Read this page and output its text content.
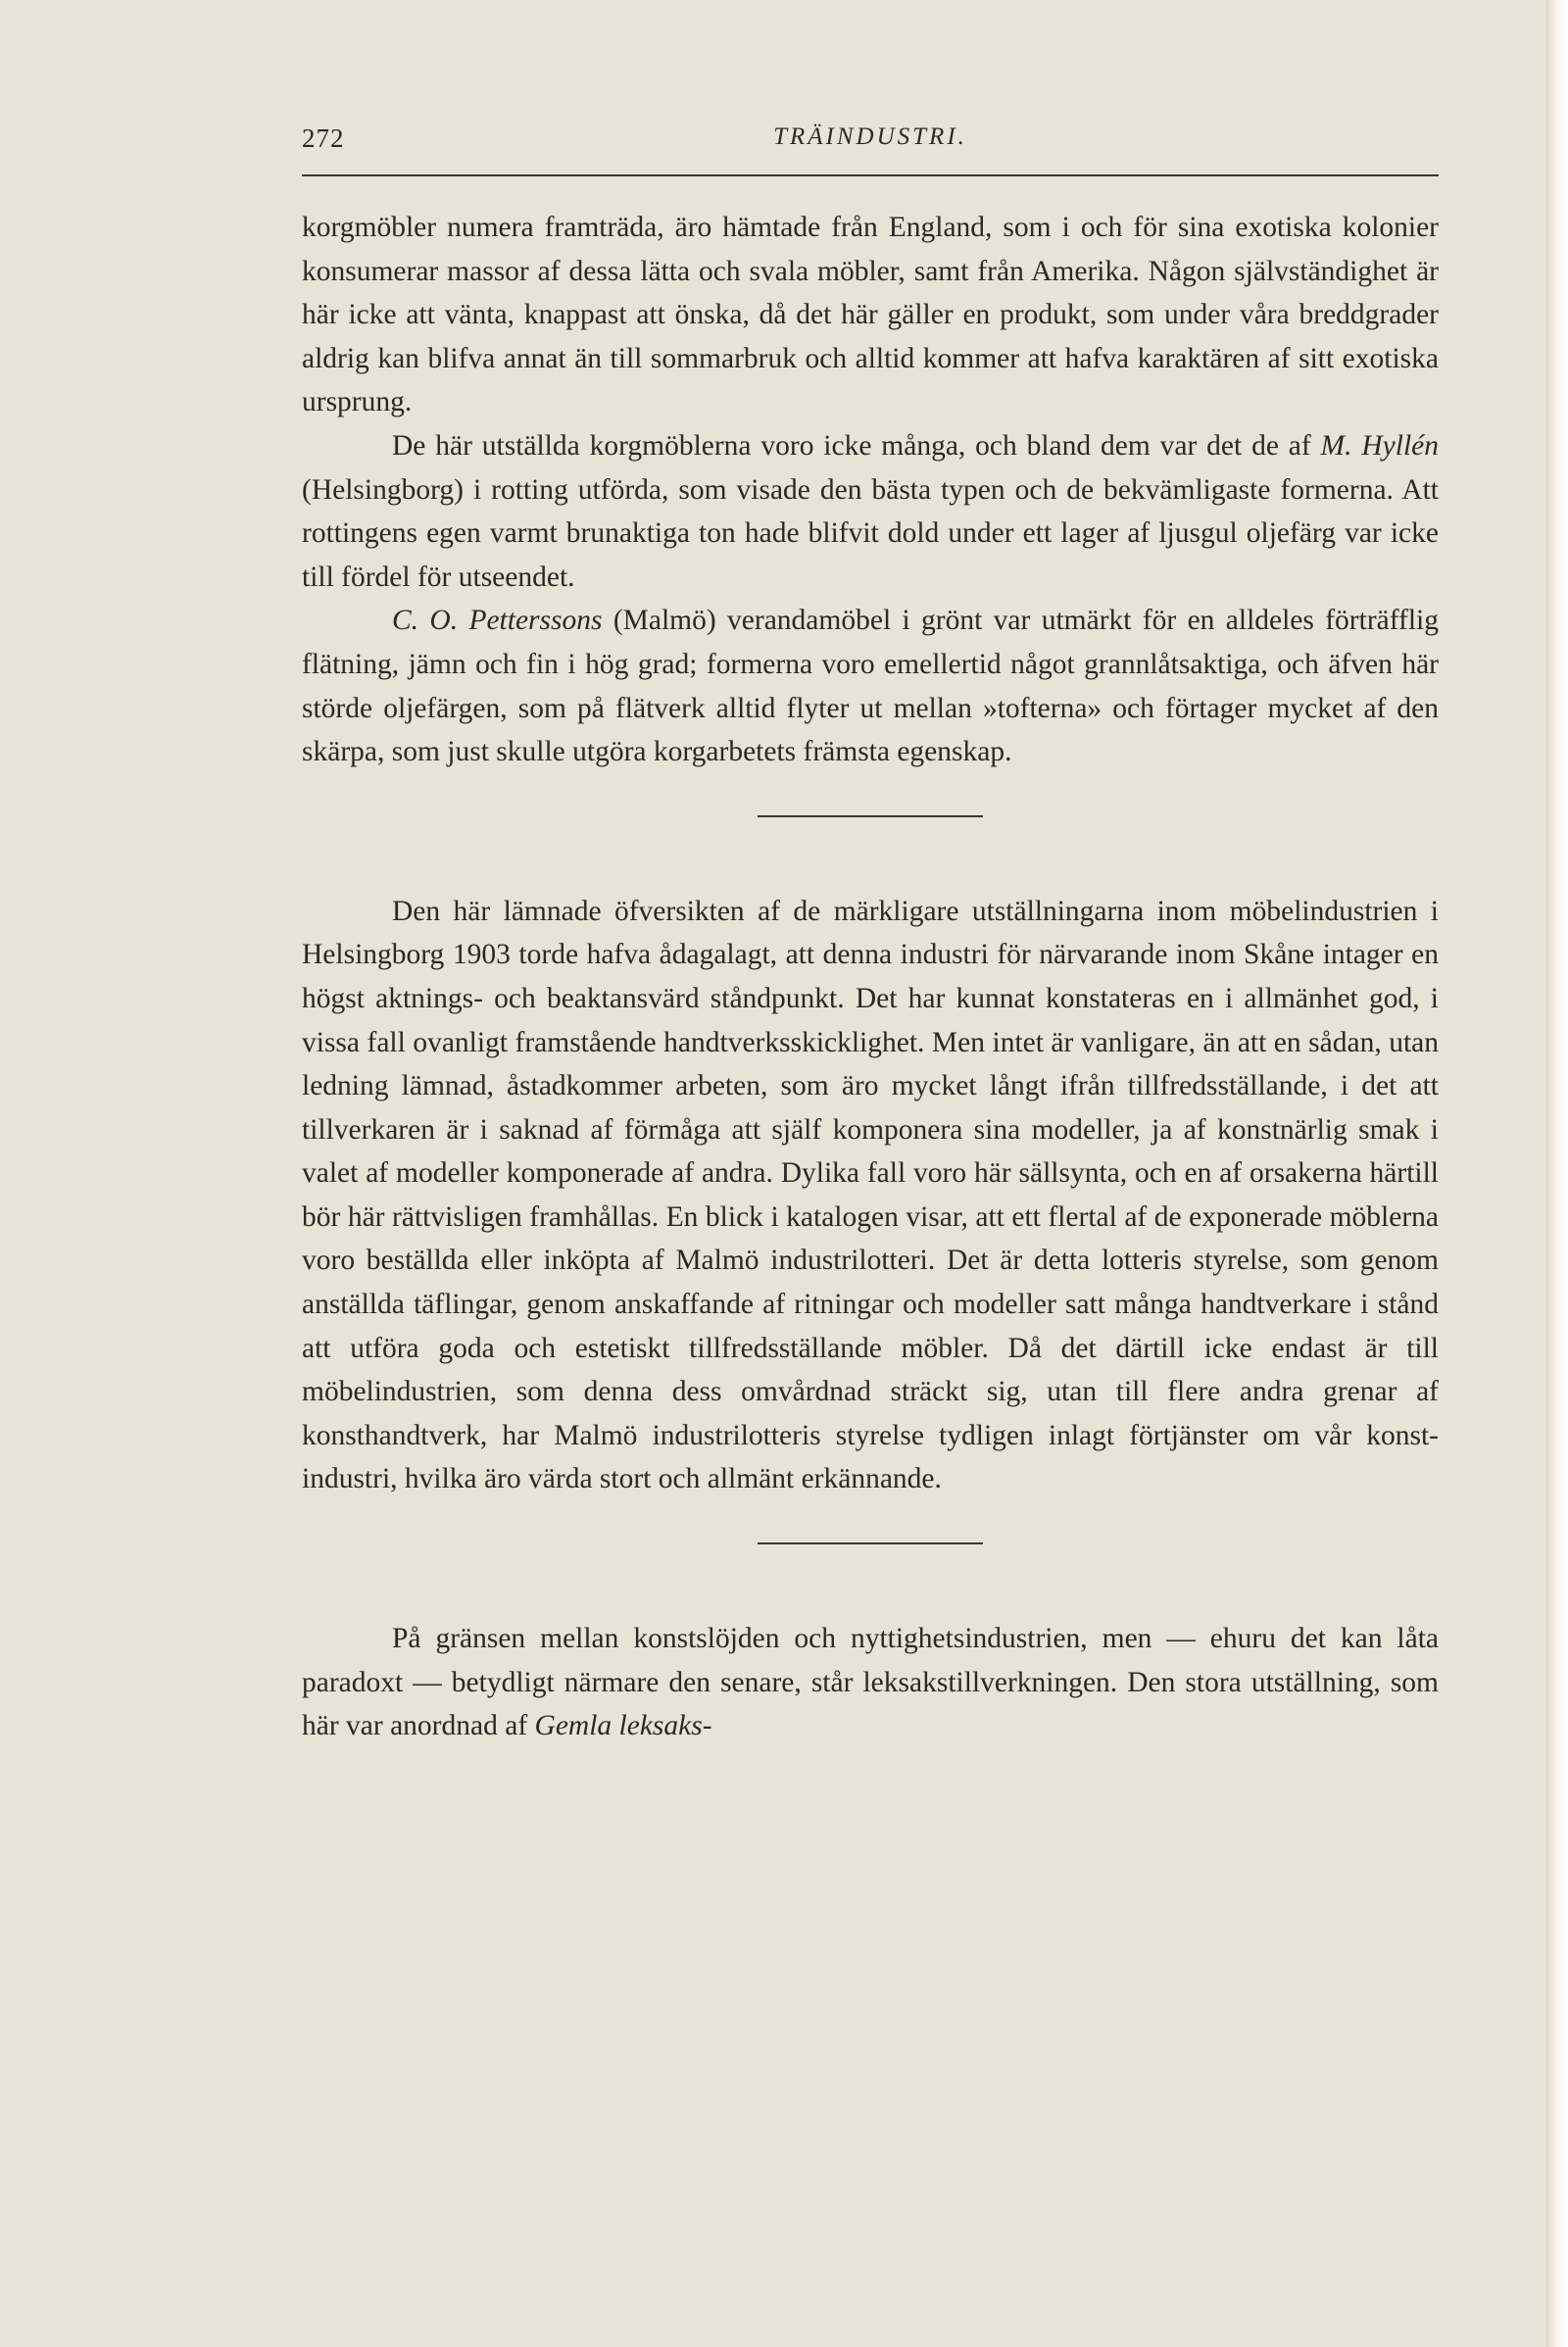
272	TRÄINDUSTRI.

korgmöbler numera framträda, äro hämtade från England, som i och för sina exotiska kolonier konsumerar massor af dessa lätta och svala möbler, samt från Amerika. Någon självständighet är här icke att vänta, knappast att önska, då det här gäller en produkt, som under våra breddgrader aldrig kan blifva annat än till sommarbruk och alltid kommer att hafva karaktären af sitt exotiska ursprung.

De här utställda korgmöblerna voro icke många, och bland dem var det de af M. Hyllén (Helsingborg) i rotting utförda, som visade den bästa typen och de bekvämligaste formerna. Att rottingens egen varmt brunaktiga ton hade blifvit dold under ett lager af ljusgul oljefärg var icke till fördel för utseendet.

C. O. Petterssons (Malmö) verandamöbel i grönt var utmärkt för en alldeles förträfflig flätning, jämn och fin i hög grad; formerna voro emellertid något grannlåtsaktiga, och äfven här störde oljefärgen, som på flätverk alltid flyter ut mellan »tofterna» och förtager mycket af den skärpa, som just skulle utgöra korgarbetets främsta egenskap.

Den här lämnade öfversikten af de märkligare utställningarna inom möbelindustrien i Helsingborg 1903 torde hafva ådagalagt, att denna industri för närvarande inom Skåne intager en högst aktnings- och beaktansvärd ståndpunkt. Det har kunnat konstateras en i allmänhet god, i vissa fall ovanligt framstående handtverksskicklighet. Men intet är vanligare, än att en sådan, utan ledning lämnad, åstadkommer arbeten, som äro mycket långt ifrån tillfredsställande, i det att tillverkaren är i saknad af förmåga att själf komponera sina modeller, ja af konstnärlig smak i valet af modeller komponerade af andra. Dylika fall voro här sällsynta, och en af orsakerna härtill bör här rättvisligen framhållas. En blick i katalogen visar, att ett flertal af de exponerade möblerna voro beställda eller inköpta af Malmö industrilotteri. Det är detta lotteris styrelse, som genom anställda täflingar, genom anskaffande af ritningar och modeller satt många handtverkare i stånd att utföra goda och estetiskt tillfredsställande möbler. Då det därtill icke endast är till möbelindustrien, som denna dess omvårdnad sträckt sig, utan till flere andra grenar af konsthandtverk, har Malmö industrilotteris styrelse tydligen inlagt förtjänster om vår konstindustri, hvilka äro värda stort och allmänt erkännande.

På gränsen mellan konstslöjden och nyttighetsindustrien, men — ehuru det kan låta paradoxt — betydligt närmare den senare, står leksakstillverkningen. Den stora utställning, som här var anordnad af Gemla leksaks-
